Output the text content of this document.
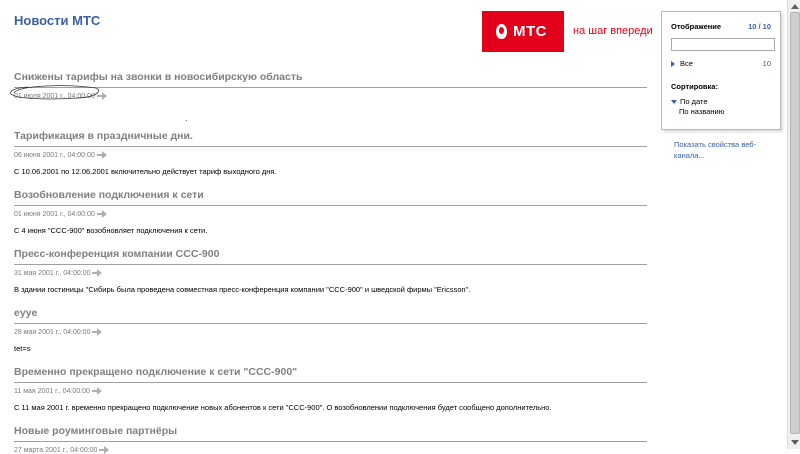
Новости МТС
МТС на шаг впереди
Снижены тарифы на звонки в новосибирскую область
01 июля 2001 г., 04:00:00
Тарификация в праздничные дни.
06 июня 2001 г., 04:00:00
С 10.06.2001 по 12.06.2001 включительно действует тариф выходного дня.
Возобновление подключения к сети
01 июня 2001 г., 04:00:00
С 4 июня "ССС-900" возобновляет подключения к сети.
Пресс-конференция компании ССС-900
31 мая 2001 г., 04:00:00
В здании гостиницы "Сибирь была проведена совместная пресс-конференция компании "ССС-900" и шведской фирмы "Ericsson".
eyуe
28 мая 2001 г., 04:00:00
tet=s
Временно прекращено подключение к сети "ССС-900"
11 мая 2001 г., 04:00:00
С 11 мая 2001 г. временно прекращено подключение новых абонентов к сети "ССС-900". О возобновлении подключения будет сообщено дополнительно.
Новые роуминговые партнёры
27 марта 2001 г., 04:00:00
Отображение	10 / 10
Все	10
Сортировка:
По дате
По названию
Показать свойства веб-канала...
